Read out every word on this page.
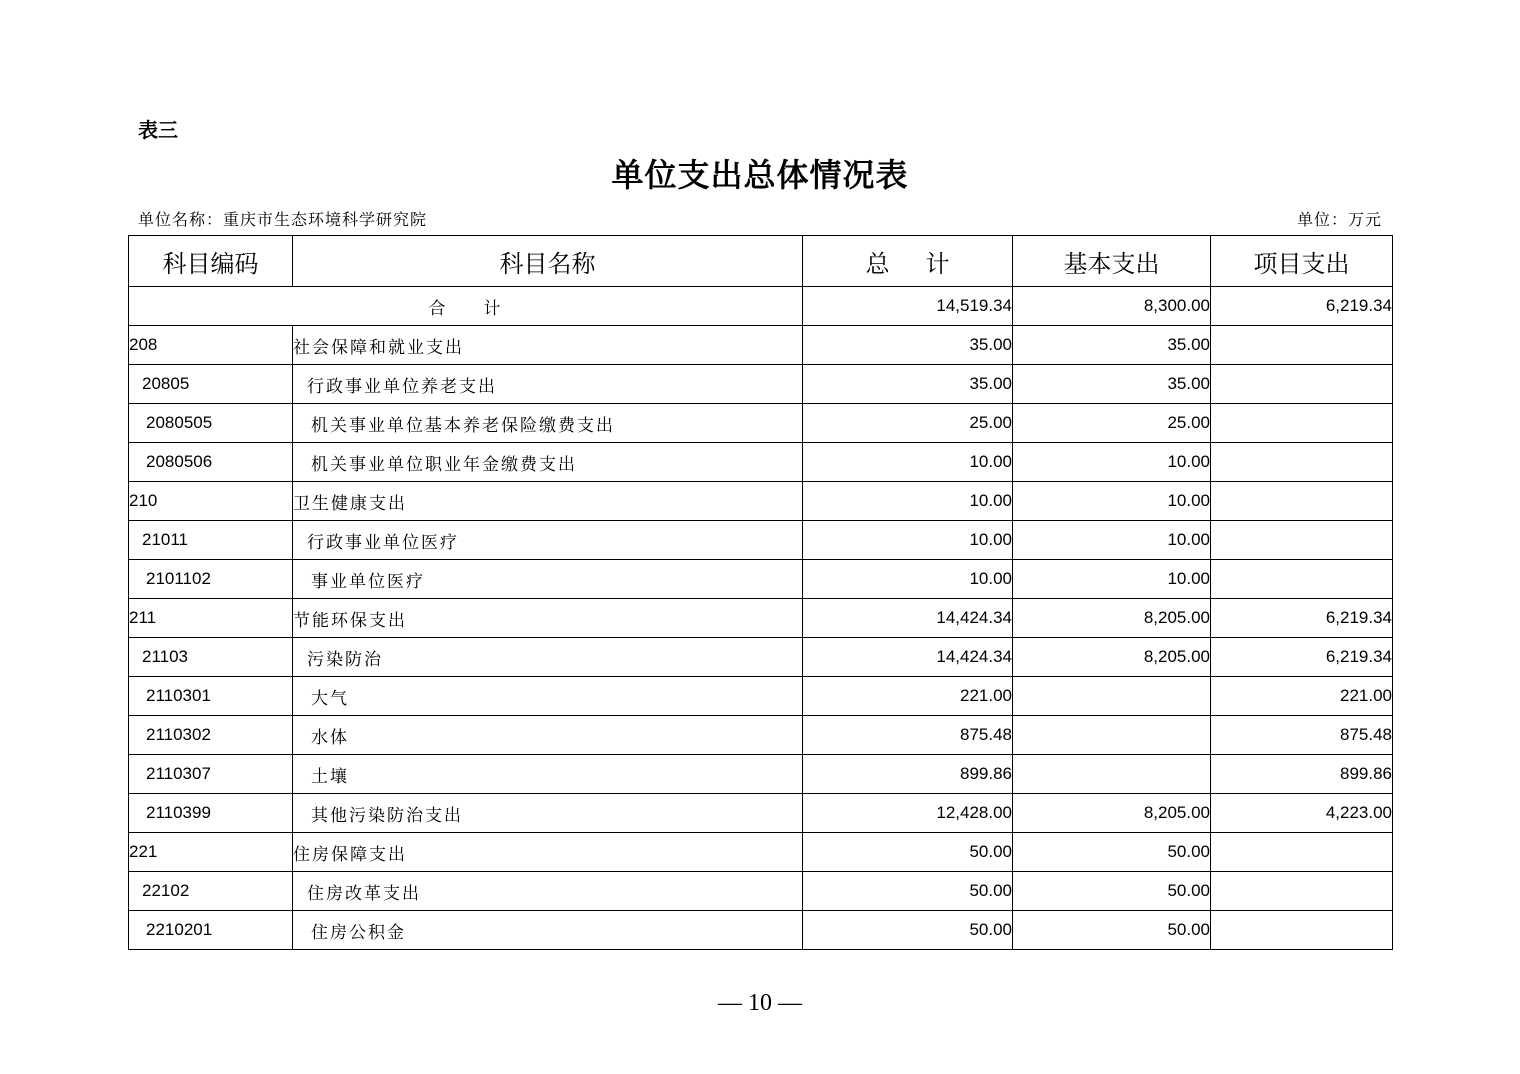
表三
单位支出总体情况表
单位名称：重庆市生态环境科学研究院	单位：万元
科目编码	科目名称	总 计	基本支出	项目支出
合 计		14,519.34	8,300.00	6,219.34
208	社会保障和就业支出	35.00	35.00	
20805	行政事业单位养老支出	35.00	35.00	
2080505	机关事业单位基本养老保险缴费支出	25.00	25.00	
2080506	机关事业单位职业年金缴费支出	10.00	10.00	
210	卫生健康支出	10.00	10.00	
21011	行政事业单位医疗	10.00	10.00	
2101102	事业单位医疗	10.00	10.00	
211	节能环保支出	14,424.34	8,205.00	6,219.34
21103	污染防治	14,424.34	8,205.00	6,219.34
2110301	大气	221.00		221.00
2110302	水体	875.48		875.48
2110307	土壤	899.86		899.86
2110399	其他污染防治支出	12,428.00	8,205.00	4,223.00
221	住房保障支出	50.00	50.00	
22102	住房改革支出	50.00	50.00	
2210201	住房公积金	50.00	50.00	
— 10 —
